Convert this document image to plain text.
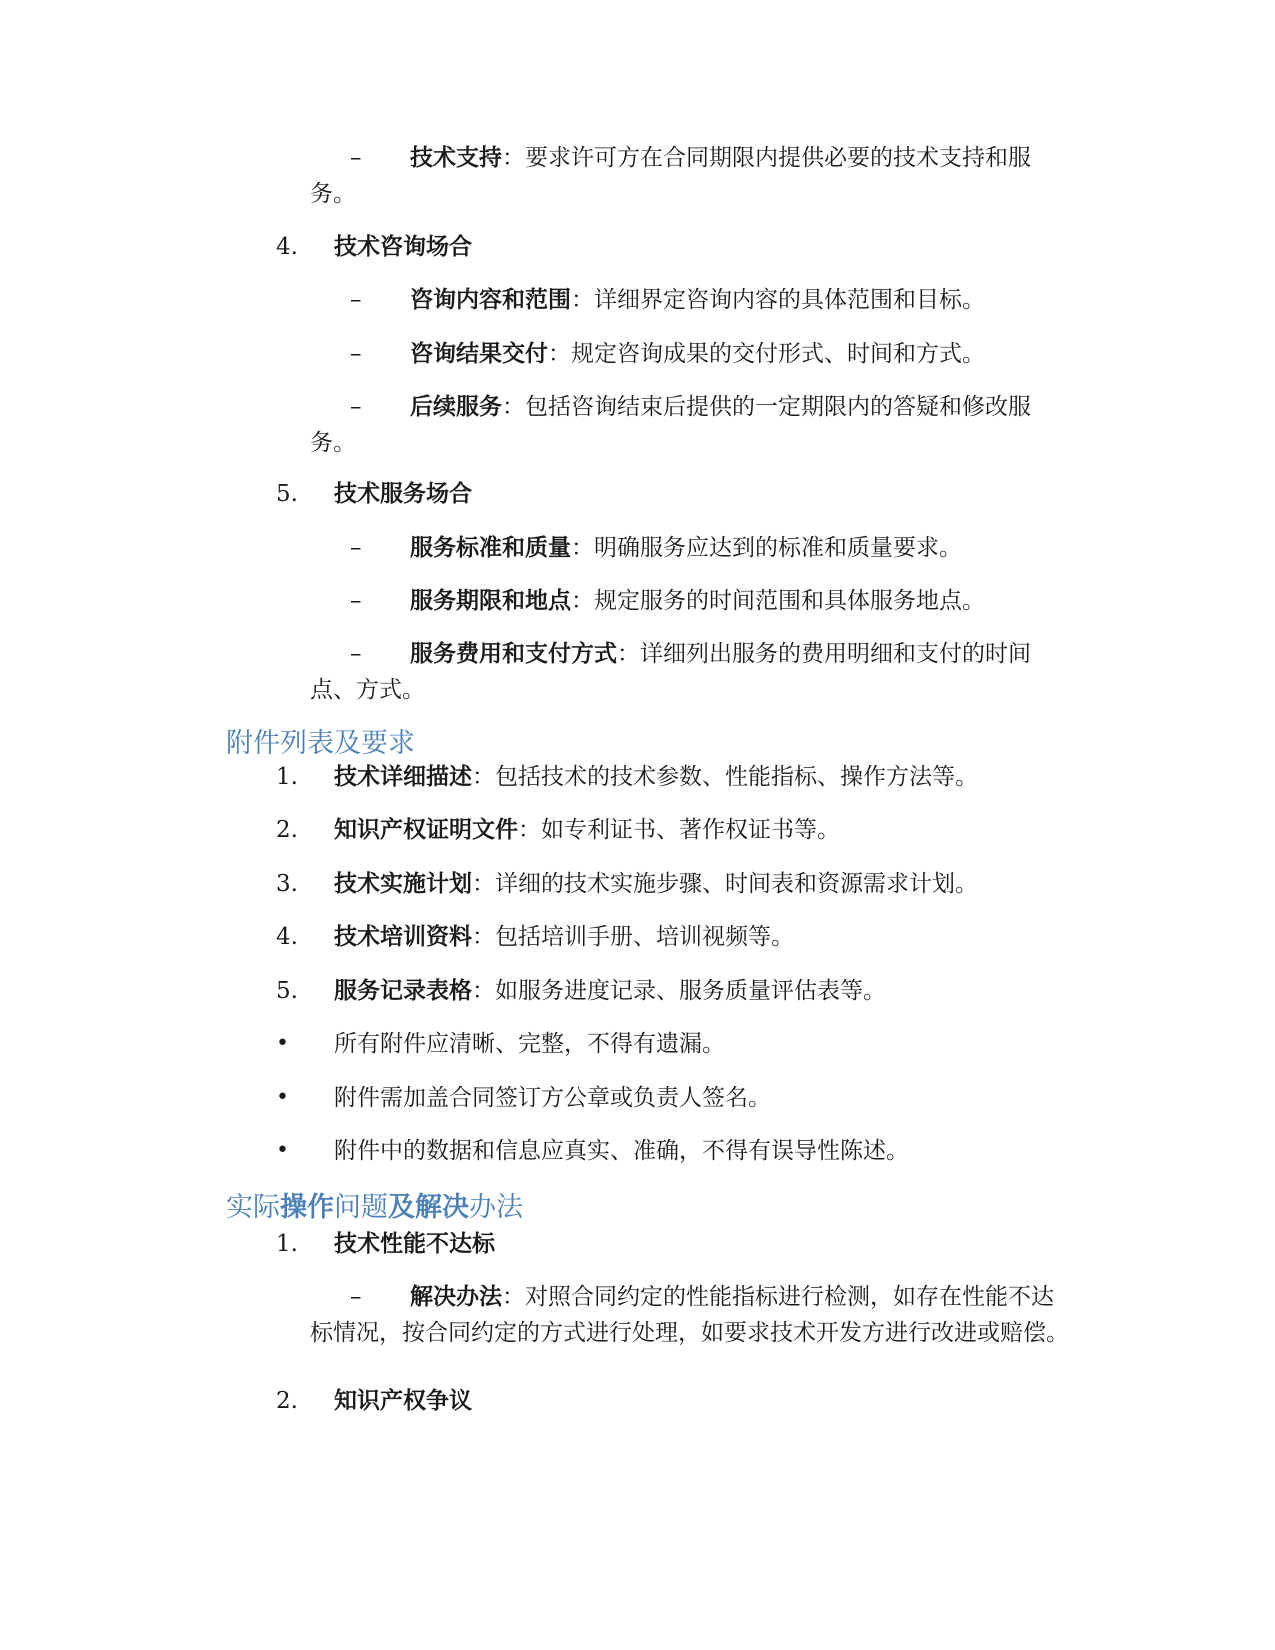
– 技术支持：要求许可方在合同期限内提供必要的技术支持和服务。
4. 技术咨询场合
– 咨询内容和范围：详细界定咨询内容的具体范围和目标。
– 咨询结果交付：规定咨询成果的交付形式、时间和方式。
– 后续服务：包括咨询结束后提供的一定期限内的答疑和修改服务。
5. 技术服务场合
– 服务标准和质量：明确服务应达到的标准和质量要求。
– 服务期限和地点：规定服务的时间范围和具体服务地点。
– 服务费用和支付方式：详细列出服务的费用明细和支付的时间点、方式。
附件列表及要求
1. 技术详细描述：包括技术的技术参数、性能指标、操作方法等。
2. 知识产权证明文件：如专利证书、著作权证书等。
3. 技术实施计划：详细的技术实施步骤、时间表和资源需求计划。
4. 技术培训资料：包括培训手册、培训视频等。
5. 服务记录表格：如服务进度记录、服务质量评估表等。
• 所有附件应清晰、完整，不得有遗漏。
• 附件需加盖合同签订方公章或负责人签名。
• 附件中的数据和信息应真实、准确，不得有误导性陈述。
实际操作问题及解决办法
1. 技术性能不达标
– 解决办法：对照合同约定的性能指标进行检测，如存在性能不达标情况，按合同约定的方式进行处理，如要求技术开发方进行改进或赔偿。
2. 知识产权争议
